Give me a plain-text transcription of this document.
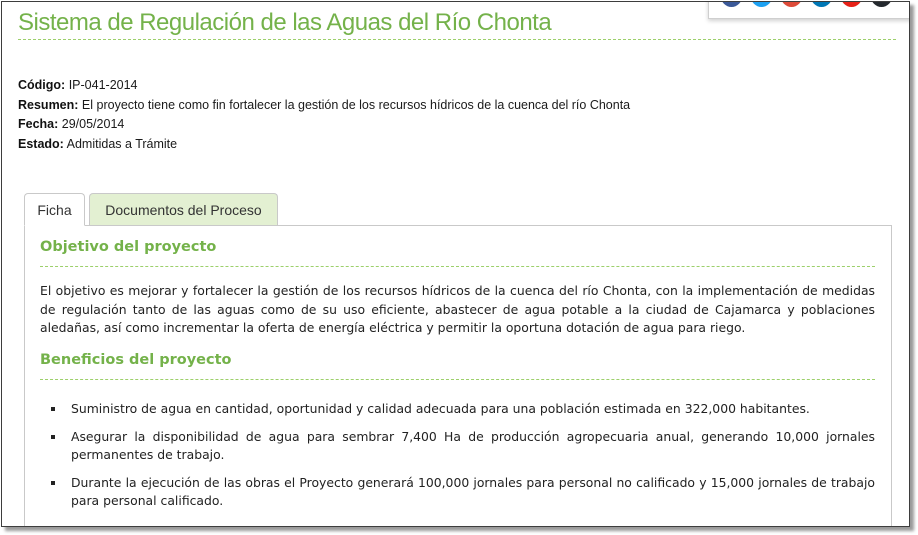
Sistema de Regulación de las Aguas del Río Chonta
Código: IP-041-2014
Resumen: El proyecto tiene como fin fortalecer la gestión de los recursos hídricos de la cuenca del río Chonta
Fecha: 29/05/2014
Estado: Admitidas a Trámite
Ficha	Documentos del Proceso
Objetivo del proyecto

El objetivo es mejorar y fortalecer la gestión de los recursos hídricos de la cuenca del río Chonta, con la implementación de medidas de regulación tanto de las aguas como de su uso eficiente, abastecer de agua potable a la ciudad de Cajamarca y poblaciones aledañas, así como incrementar la oferta de energía eléctrica y permitir la oportuna dotación de agua para riego.

Beneficios del proyecto
Suministro de agua en cantidad, oportunidad y calidad adecuada para una población estimada en 322,000 habitantes.
Asegurar la disponibilidad de agua para sembrar 7,400 Ha de producción agropecuaria anual, generando 10,000 jornales permanentes de trabajo.
Durante la ejecución de las obras el Proyecto generará 100,000 jornales para personal no calificado y 15,000 jornales de trabajo para personal calificado.
